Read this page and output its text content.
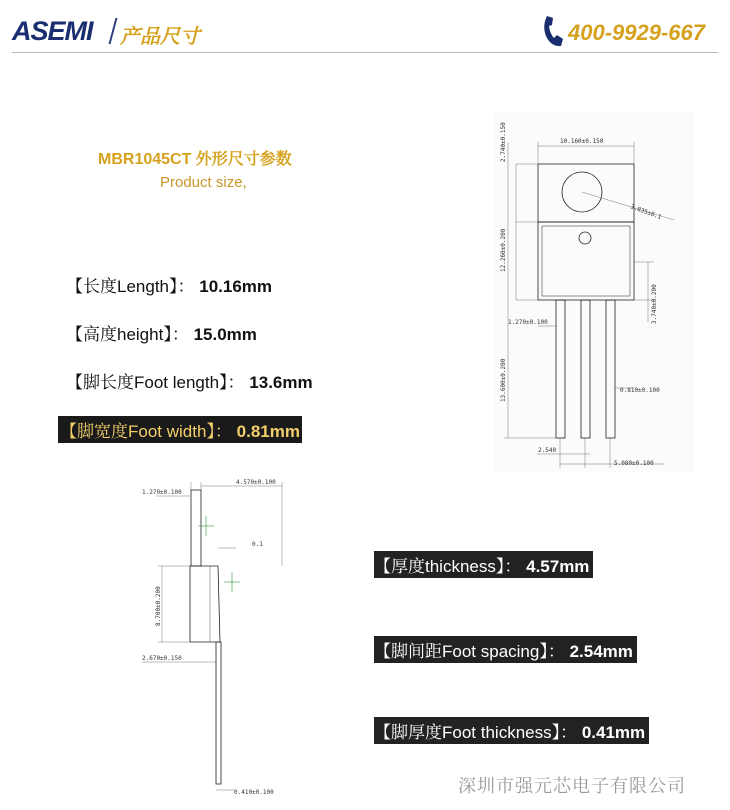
ASEMI 产品尺寸	400-9929-667
MBR1045CT 外形尺寸参数
Product size,
【长度Length】： 10.16mm
【高度height】： 15.0mm
【脚长度Foot length】： 13.6mm
【脚宽度Foot width】： 0.81mm
【厚度thickness】： 4.57mm
【脚间距Foot spacing】： 2.54mm
【脚厚度Foot thickness】： 0.41mm
10.160±0.150
2.740±0.150
3.835±0.1
12.260±0.200
3.740±0.200
1.270±0.100
13.600±0.200	0.810±0.100
2.540
5.080±0.100
1.270±0.100
4.570±0.100
0.1
8.700±0.200
2.670±0.150
0.410±0.100	深圳市强元芯电子有限公司
